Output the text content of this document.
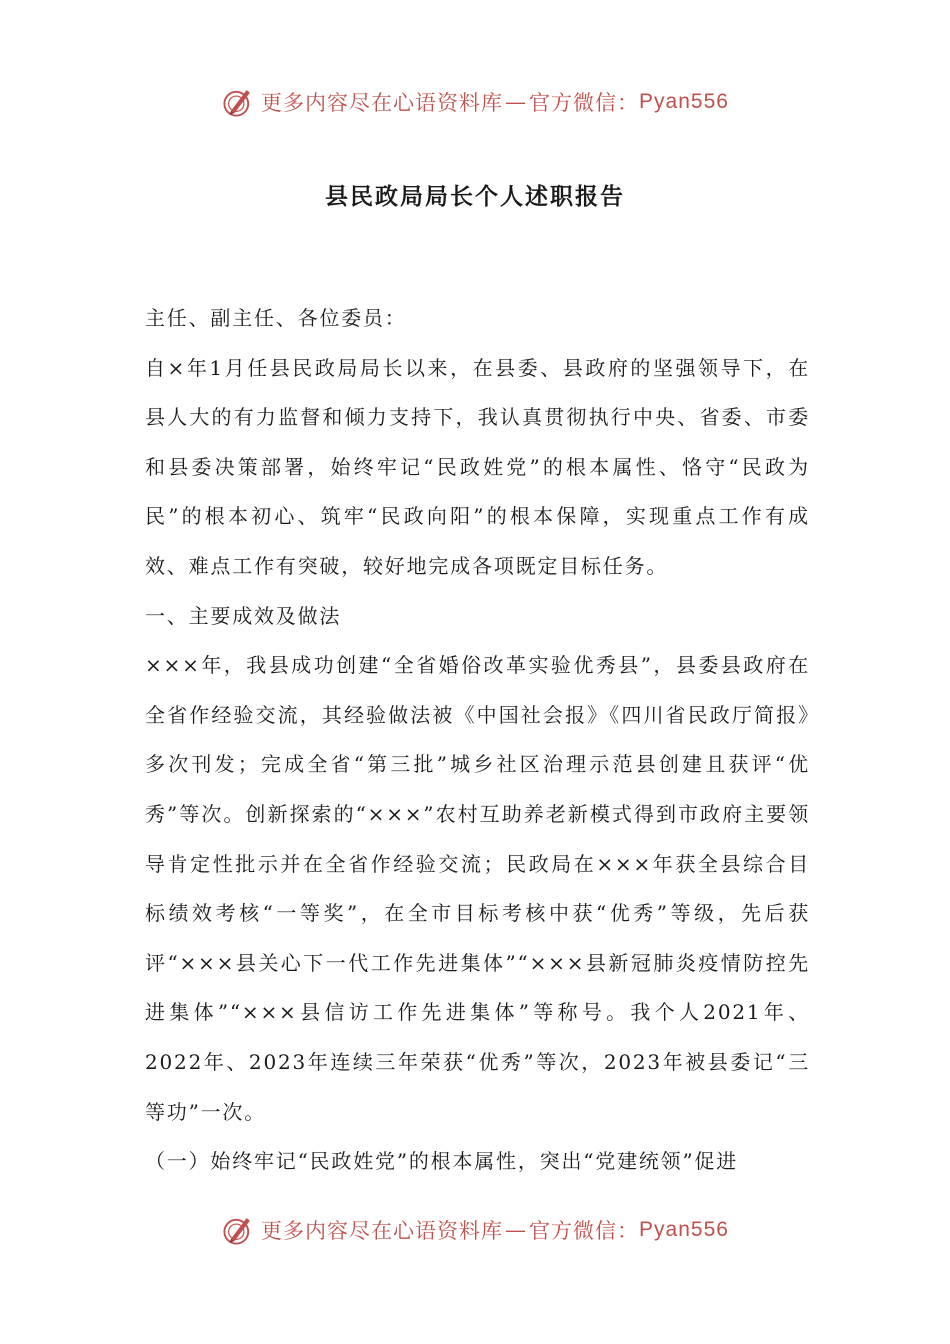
更多内容尽在心语资料库 — 官方微信： Pyan556
县民政局局长个人述职报告

主任、副主任、各位委员：

自×年1月任县民政局局长以来，在县委、县政府的坚强领导下，在县人大的有力监督和倾力支持下，我认真贯彻执行中央、省委、市委和县委决策部署，始终牢记“民政姓党”的根本属性、恪守“民政为民”的根本初心、筑牢“民政向阳”的根本保障，实现重点工作有成效、难点工作有突破，较好地完成各项既定目标任务。

一、主要成效及做法

×××年，我县成功创建“全省婚俗改革实验优秀县”，县委县政府在全省作经验交流，其经验做法被《中国社会报》《四川省民政厅简报》多次刊发；完成全省“第三批”城乡社区治理示范县创建且获评“优秀”等次。创新探索的“×××”农村互助养老新模式得到市政府主要领导肯定性批示并在全省作经验交流；民政局在×××年获全县综合目标绩效考核“一等奖”，在全市目标考核中获“优秀”等级，先后获评“×××县关心下一代工作先进集体”“×××县新冠肺炎疫情防控先进集体”“×××县信访工作先进集体”等称号。我个人2021年、2022年、2023年连续三年荣获“优秀”等次，2023年被县委记“三等功”一次。

（一）始终牢记“民政姓党”的根本属性，突出“党建统领”促进

更多内容尽在心语资料库 — 官方微信： Pyan556
